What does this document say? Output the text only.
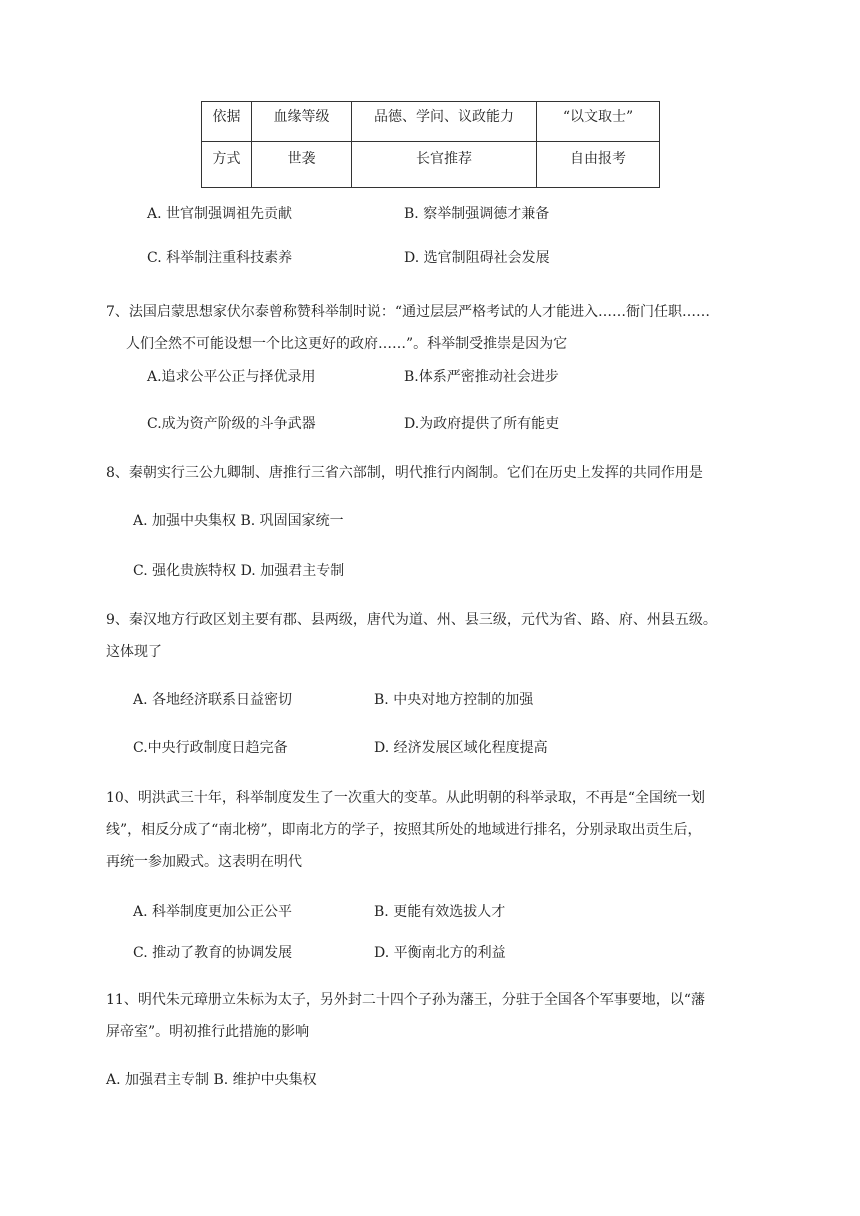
依据	血缘等级	品德、学问、议政能力	“以文取士”
方式	世袭	长官推荐	自由报考
A. 世官制强调祖先贡献	B. 察举制强调德才兼备
C. 科举制注重科技素养	D. 选官制阻碍社会发展
7、法国启蒙思想家伏尔泰曾称赞科举制时说：“通过层层严格考试的人才能进入……衙门任职……
人们全然不可能设想一个比这更好的政府……”。科举制受推崇是因为它
A.追求公平公正与择优录用	B.体系严密推动社会进步
C.成为资产阶级的斗争武器	D.为政府提供了所有能吏
8、秦朝实行三公九卿制、唐推行三省六部制，明代推行内阁制。它们在历史上发挥的共同作用是
A. 加强中央集权 B. 巩固国家统一
C. 强化贵族特权 D. 加强君主专制
9、秦汉地方行政区划主要有郡、县两级，唐代为道、州、县三级，元代为省、路、府、州县五级。
这体现了
A. 各地经济联系日益密切	B. 中央对地方控制的加强
C.中央行政制度日趋完备	D. 经济发展区域化程度提高
10、明洪武三十年，科举制度发生了一次重大的变革。从此明朝的科举录取，不再是“全国统一划
线”，相反分成了“南北榜”，即南北方的学子，按照其所处的地域进行排名，分别录取出贡生后，
再统一参加殿式。这表明在明代
A. 科举制度更加公正公平	B. 更能有效选拔人才
C. 推动了教育的协调发展	D. 平衡南北方的利益
11、明代朱元璋册立朱标为太子，另外封二十四个子孙为藩王，分驻于全国各个军事要地，以“藩
屏帝室”。明初推行此措施的影响
A. 加强君主专制 B. 维护中央集权
